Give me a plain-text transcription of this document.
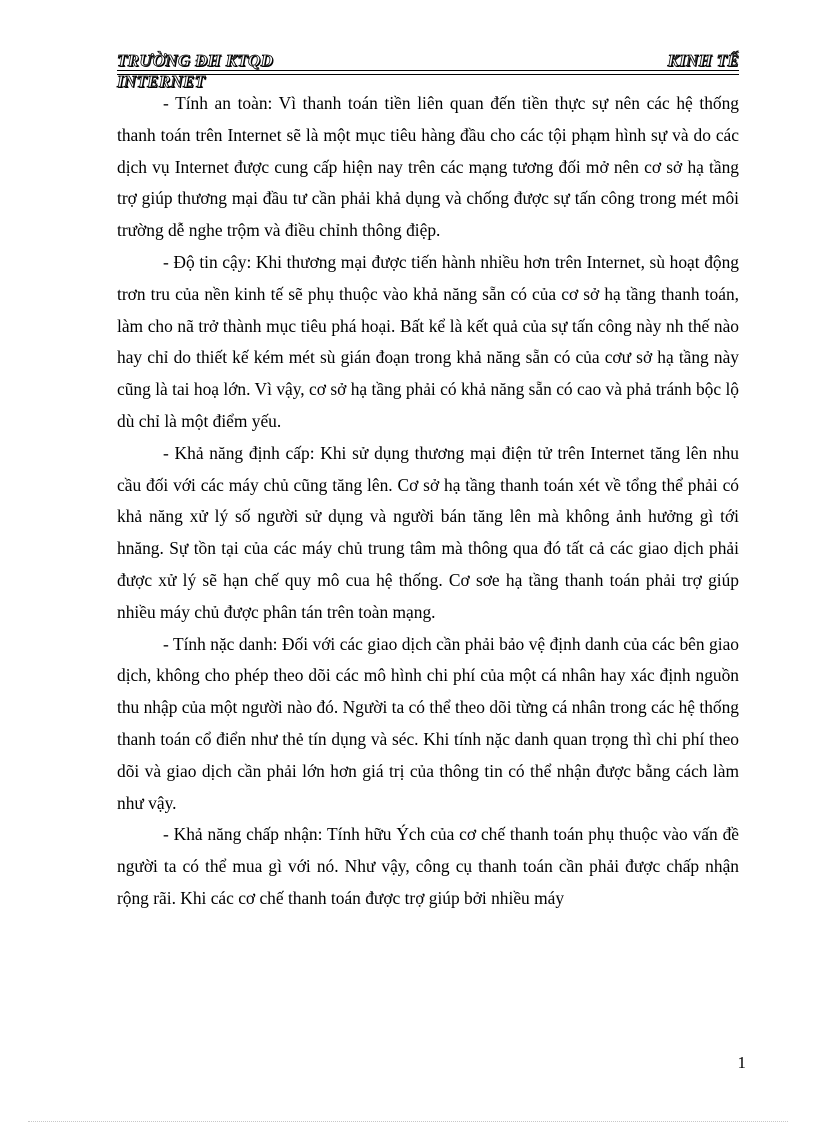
TRƯỜNG ĐH KTQD	KINH TẾ
INTERNET

- Tính an toàn: Vì thanh toán tiền liên quan đến tiền thực sự nên các hệ thống thanh toán trên Internet sẽ là một mục tiêu hàng đầu cho các tội phạm hình sự và do các dịch vụ Internet được cung cấp hiện nay trên các mạng tương đối mở nên cơ sở hạ tầng trợ giúp thương mại đầu tư cần phải khả dụng và chống được sự tấn công trong mét môi trường dễ nghe trộm và điều chỉnh thông điệp.

- Độ tin cậy: Khi thương mại được tiến hành nhiều hơn trên Internet, sù hoạt động trơn tru của nền kinh tế sẽ phụ thuộc vào khả năng sẵn có của cơ sở hạ tầng thanh toán, làm cho nã trở thành mục tiêu phá hoại. Bất kể là kết quả của sự tấn công này nh thế nào hay chỉ do thiết kế kém mét sù gián đoạn trong khả năng sẵn có của cơư sở hạ tầng này cũng là tai hoạ lớn. Vì vậy, cơ sở hạ tầng phải có khả năng sẵn có cao và phả tránh bộc lộ dù chỉ là một điểm yếu.

- Khả năng định cấp: Khi sử dụng thương mại điện tử trên Internet tăng lên nhu cầu đối với các máy chủ cũng tăng lên. Cơ sở hạ tầng thanh toán xét về tổng thể phải có khả năng xử lý số người sử dụng và người bán tăng lên mà không ảnh hưởng gì tới hnăng. Sự tồn tại của các máy chủ trung tâm mà thông qua đó tất cả các giao dịch phải được xử lý sẽ hạn chế quy mô cua hệ thống. Cơ sơe hạ tầng thanh toán phải trợ giúp nhiều máy chủ được phân tán trên toàn mạng.

- Tính nặc danh: Đối với các giao dịch cần phải bảo vệ định danh của các bên giao dịch, không cho phép theo dõi các mô hình chi phí của một cá nhân hay xác định nguồn thu nhập của một người nào đó. Người ta có thể theo dõi từng cá nhân trong các hệ thống thanh toán cổ điển như thẻ tín dụng và séc. Khi tính nặc danh quan trọng thì chi phí theo dõi và giao dịch cần phải lớn hơn giá trị của thông tin có thể nhận được bằng cách làm như vậy.

- Khả năng chấp nhận: Tính hữu Ých của cơ chế thanh toán phụ thuộc vào vấn đề người ta có thể mua gì với nó. Như vậy, công cụ thanh toán cần phải được chấp nhận rộng rãi. Khi các cơ chế thanh toán được trợ giúp bởi nhiều máy

1
